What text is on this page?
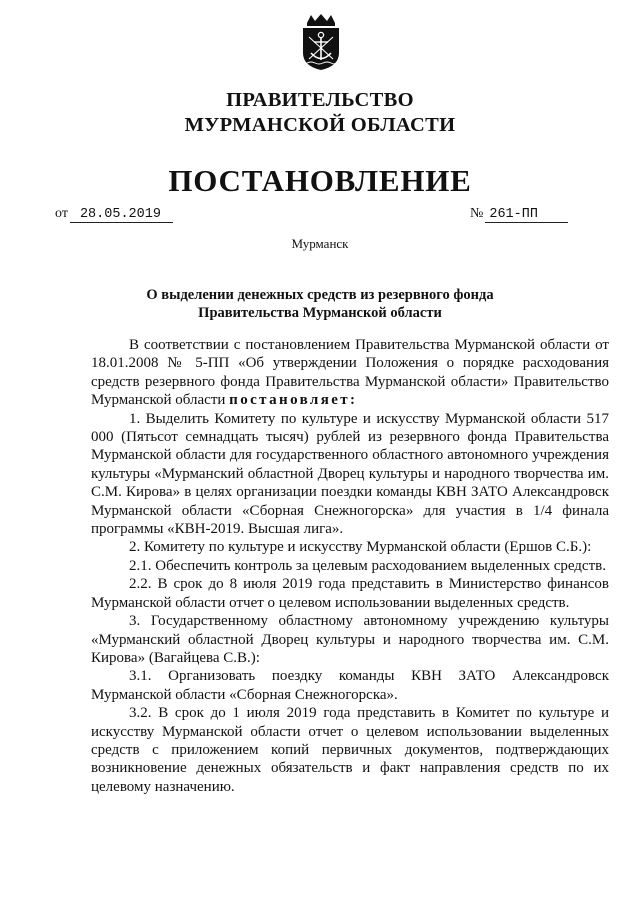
ПРАВИТЕЛЬСТВО
МУРМАНСКОЙ ОБЛАСТИ
ПОСТАНОВЛЕНИЕ
от 28.05.2019	№ 261-ПП
Мурманск
О выделении денежных средств из резервного фонда
Правительства Мурманской области

В соответствии с постановлением Правительства Мурманской области от 18.01.2008 № 5-ПП «Об утверждении Положения о порядке расходования средств резервного фонда Правительства Мурманской области» Правительство Мурманской области постановляет:

1. Выделить Комитету по культуре и искусству Мурманской области 517 000 (Пятьсот семнадцать тысяч) рублей из резервного фонда Правительства Мурманской области для государственного областного автономного учреждения культуры «Мурманский областной Дворец культуры и народного творчества им. С.М. Кирова» в целях организации поездки команды КВН ЗАТО Александровск Мурманской области «Сборная Снежногорска» для участия в 1/4 финала программы «КВН-2019. Высшая лига».

2. Комитету по культуре и искусству Мурманской области (Ершов С.Б.):

2.1. Обеспечить контроль за целевым расходованием выделенных средств.

2.2. В срок до 8 июля 2019 года представить в Министерство финансов Мурманской области отчет о целевом использовании выделенных средств.

3. Государственному областному автономному учреждению культуры «Мурманский областной Дворец культуры и народного творчества им. С.М. Кирова» (Вагайцева С.В.):

3.1. Организовать поездку команды КВН ЗАТО Александровск Мурманской области «Сборная Снежногорска».

3.2. В срок до 1 июля 2019 года представить в Комитет по культуре и искусству Мурманской области отчет о целевом использовании выделенных средств с приложением копий первичных документов, подтверждающих возникновение денежных обязательств и факт направления средств по их целевому назначению.
